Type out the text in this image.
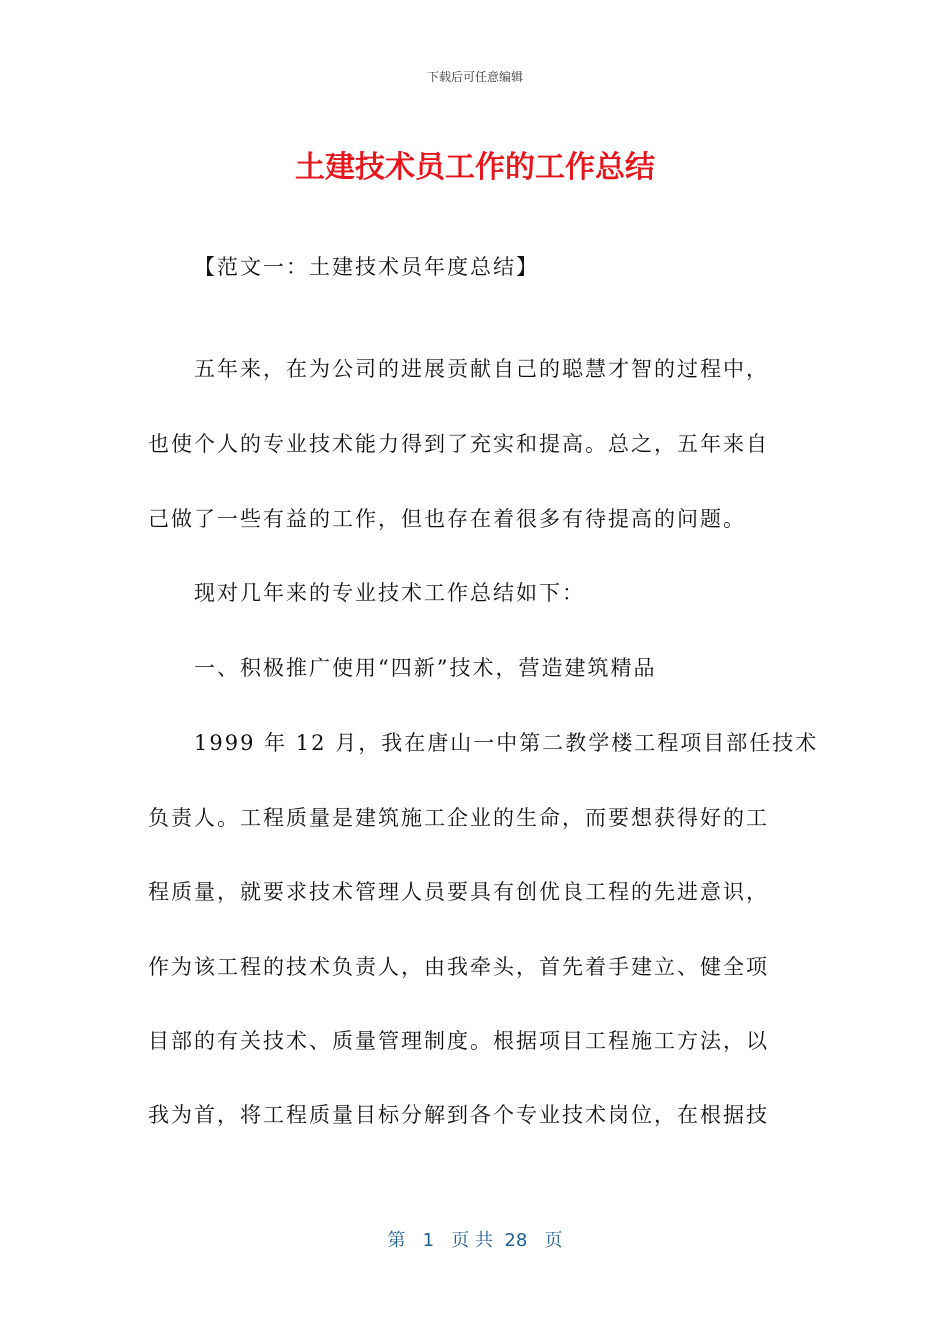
下载后可任意编辑
土建技术员工作的工作总结
【范文一：土建技术员年度总结】
五年来，在为公司的进展贡献自己的聪慧才智的过程中，
也使个人的专业技术能力得到了充实和提高。总之，五年来自
己做了一些有益的工作，但也存在着很多有待提高的问题。
现对几年来的专业技术工作总结如下：
一、积极推广使用“四新”技术，营造建筑精品
1999 年 12 月，我在唐山一中第二教学楼工程项目部任技术
负责人。工程质量是建筑施工企业的生命，而要想获得好的工
程质量，就要求技术管理人员要具有创优良工程的先进意识，
作为该工程的技术负责人，由我牵头，首先着手建立、健全项
目部的有关技术、质量管理制度。根据项目工程施工方法，以
我为首，将工程质量目标分解到各个专业技术岗位，在根据技
第   1   页 共  28   页
